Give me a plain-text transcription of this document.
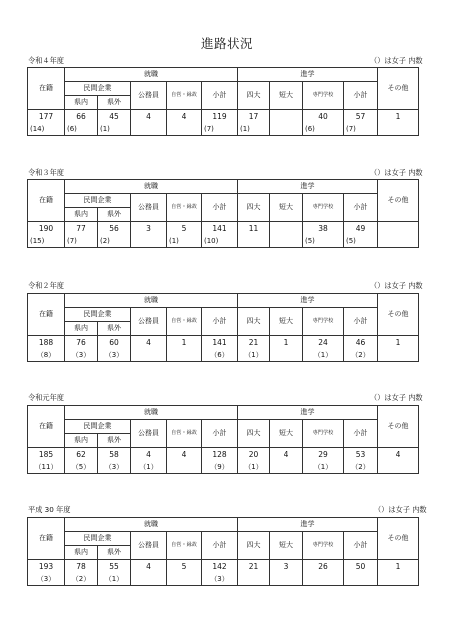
進路状況
令和４年度	（）は女子 内数
在籍	就職					進学				その他
	民間企業		公務員	自営・縁故	小計	四大	短大	専門学校	小計	
	県内	県外								
177	66	45	4	4	119	17		40	57	1
(14)	(6)	(1)			(7)	(1)		(6)	(7)	
令和３年度	（）は女子 内数
在籍	就職					進学				その他
	民間企業		公務員	自営・縁故	小計	四大	短大	専門学校	小計	
	県内	県外								
190	77	56	3	5	141	11		38	49	
(15)	(7)	(2)		(1)	(10)			(5)	(5)	
令和２年度	（）は女子 内数
在籍	就職					進学				その他
	民間企業		公務員	自営・縁故	小計	四大	短大	専門学校	小計	
	県内	県外								
188	76	60	4	1	141	21	1	24	46	1
（8）	（3）	（3）			（6）	（1）		（1）	（2）	
令和元年度	（）は女子 内数
在籍	就職					進学				その他
	民間企業		公務員	自営・縁故	小計	四大	短大	専門学校	小計	
	県内	県外								
185	62	58	4	4	128	20	4	29	53	4
（11）	（5）	（3）	（1）		（9）	（1）		（1）	（2）	
平成 30 年度	（）は女子 内数
在籍	就職					進学				その他
	民間企業		公務員	自営・縁故	小計	四大	短大	専門学校	小計	
	県内	県外								
193	78	55	4	5	142	21	3	26	50	1
（3）	（2）	（1）			（3）					
